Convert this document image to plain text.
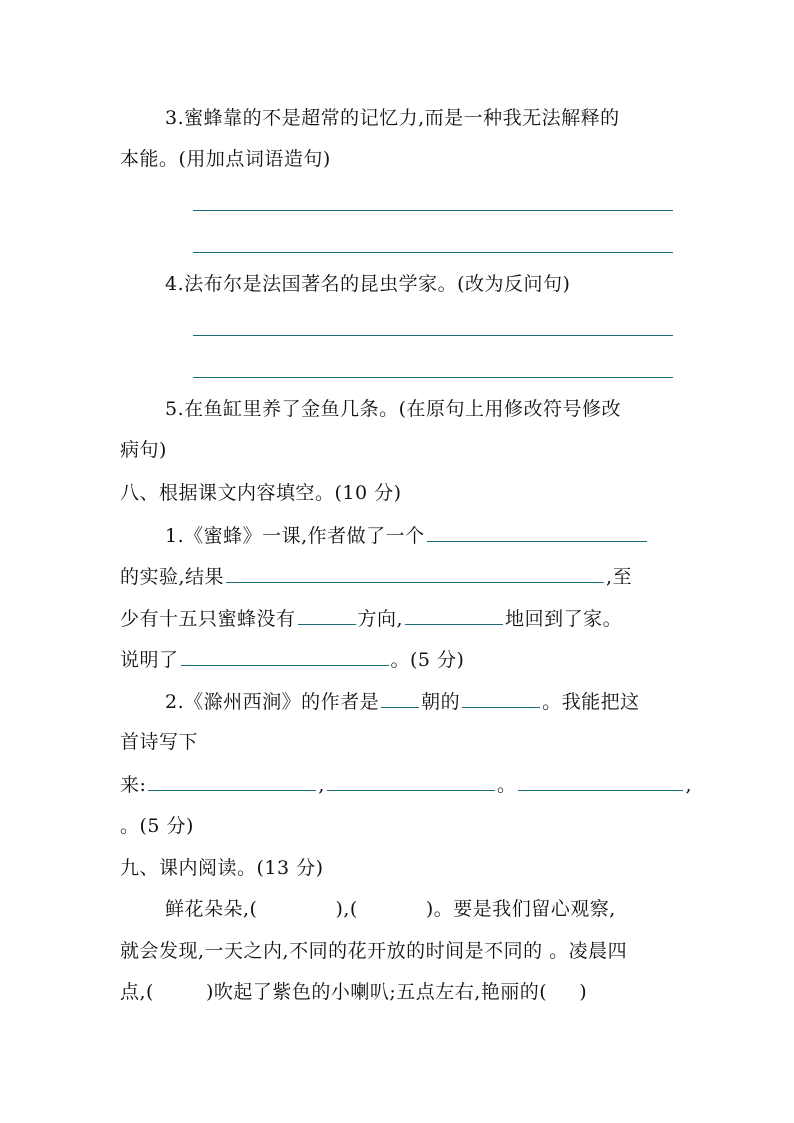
3.蜜蜂靠的不是超常的记忆力,而是一种我无法解释的
本能。(用加点词语造句)
4.法布尔是法国著名的昆虫学家。(改为反问句)
5.在鱼缸里养了金鱼几条。(在原句上用修改符号修改
病句)
八、根据课文内容填空。(10 分)
1.《蜜蜂》一课,作者做了一个
的实验,结果	,至
少有十五只蜜蜂没有	方向,	地回到了家。
说明了	。(5 分)
2.《滁州西涧》的作者是 朝的	。我能把这
首诗写下
来:	,	。	,
。(5 分)
九、课内阅读。(13 分)
鲜花朵朵,(	),(	)。要是我们留心观察,
就会发现,一天之内,不同的花开放的时间是不同的 。凌晨四
点,(	)吹起了紫色的小喇叭;五点左右,艳丽的( )
